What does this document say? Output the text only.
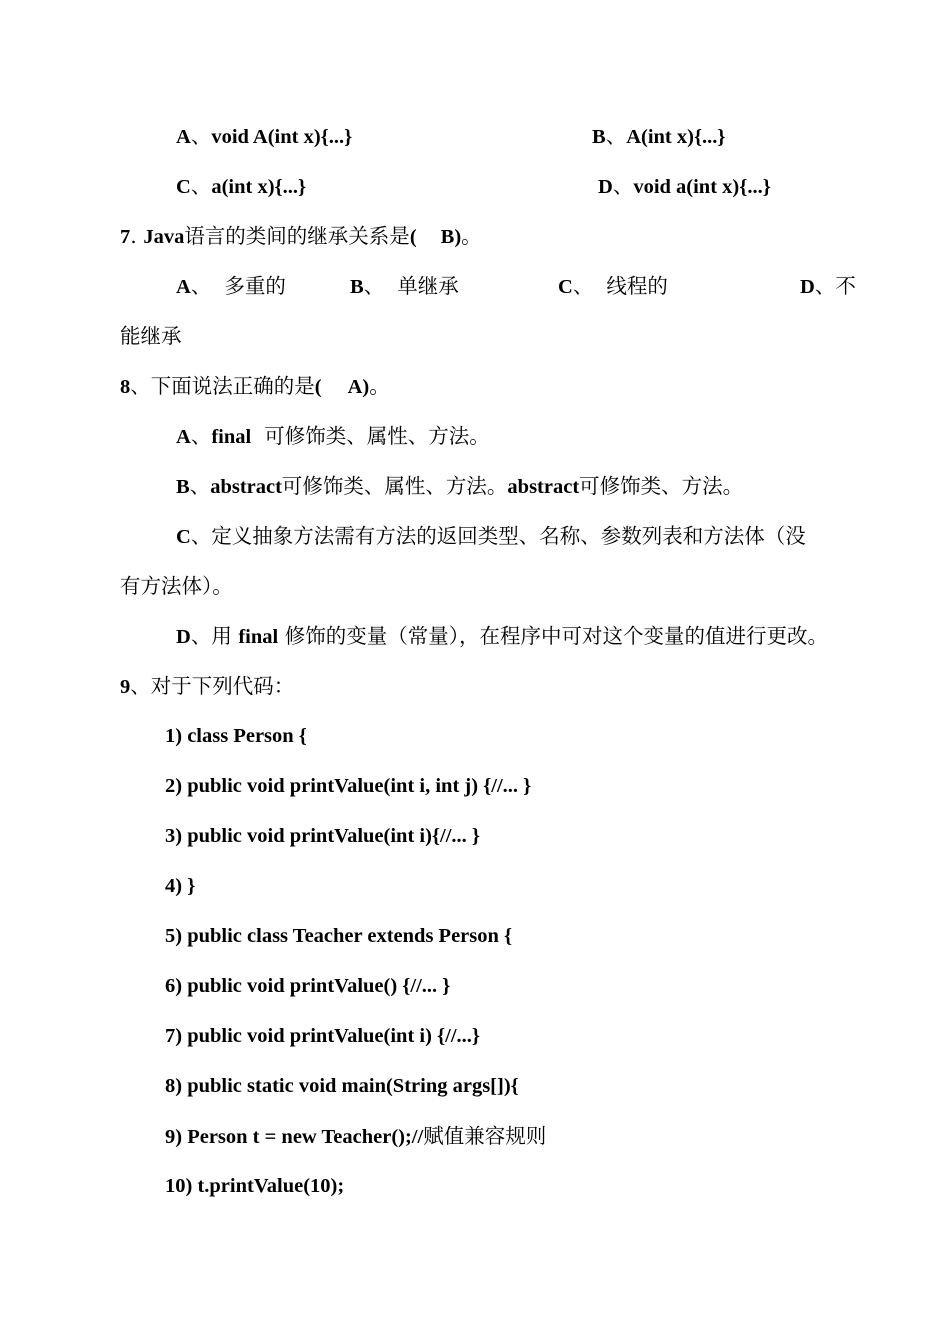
A、void A(int x){...}	B、A(int x){...}
C、a(int x){...}	D、void a(int x){...}
7. Java语言的类间的继承关系是( B)。
A、 多重的	B、 单继承	C、 线程的	D、不
能继承
8、下面说法正确的是( A)。
A、final 可修饰类、属性、方法。
B、abstract可修饰类、属性、方法。abstract可修饰类、方法。
C、定义抽象方法需有方法的返回类型、名称、参数列表和方法体（没
有方法体）。
D、用 final 修饰的变量（常量），在程序中可对这个变量的值进行更改。
9、对于下列代码：
1) class Person {
2) public void printValue(int i, int j) {//... }
3) public void printValue(int i){//... }
4) }
5) public class Teacher extends Person {
6) public void printValue() {//... }
7) public void printValue(int i) {//...}
8) public static void main(String args[]){
9) Person t = new Teacher();//赋值兼容规则
10) t.printValue(10);
